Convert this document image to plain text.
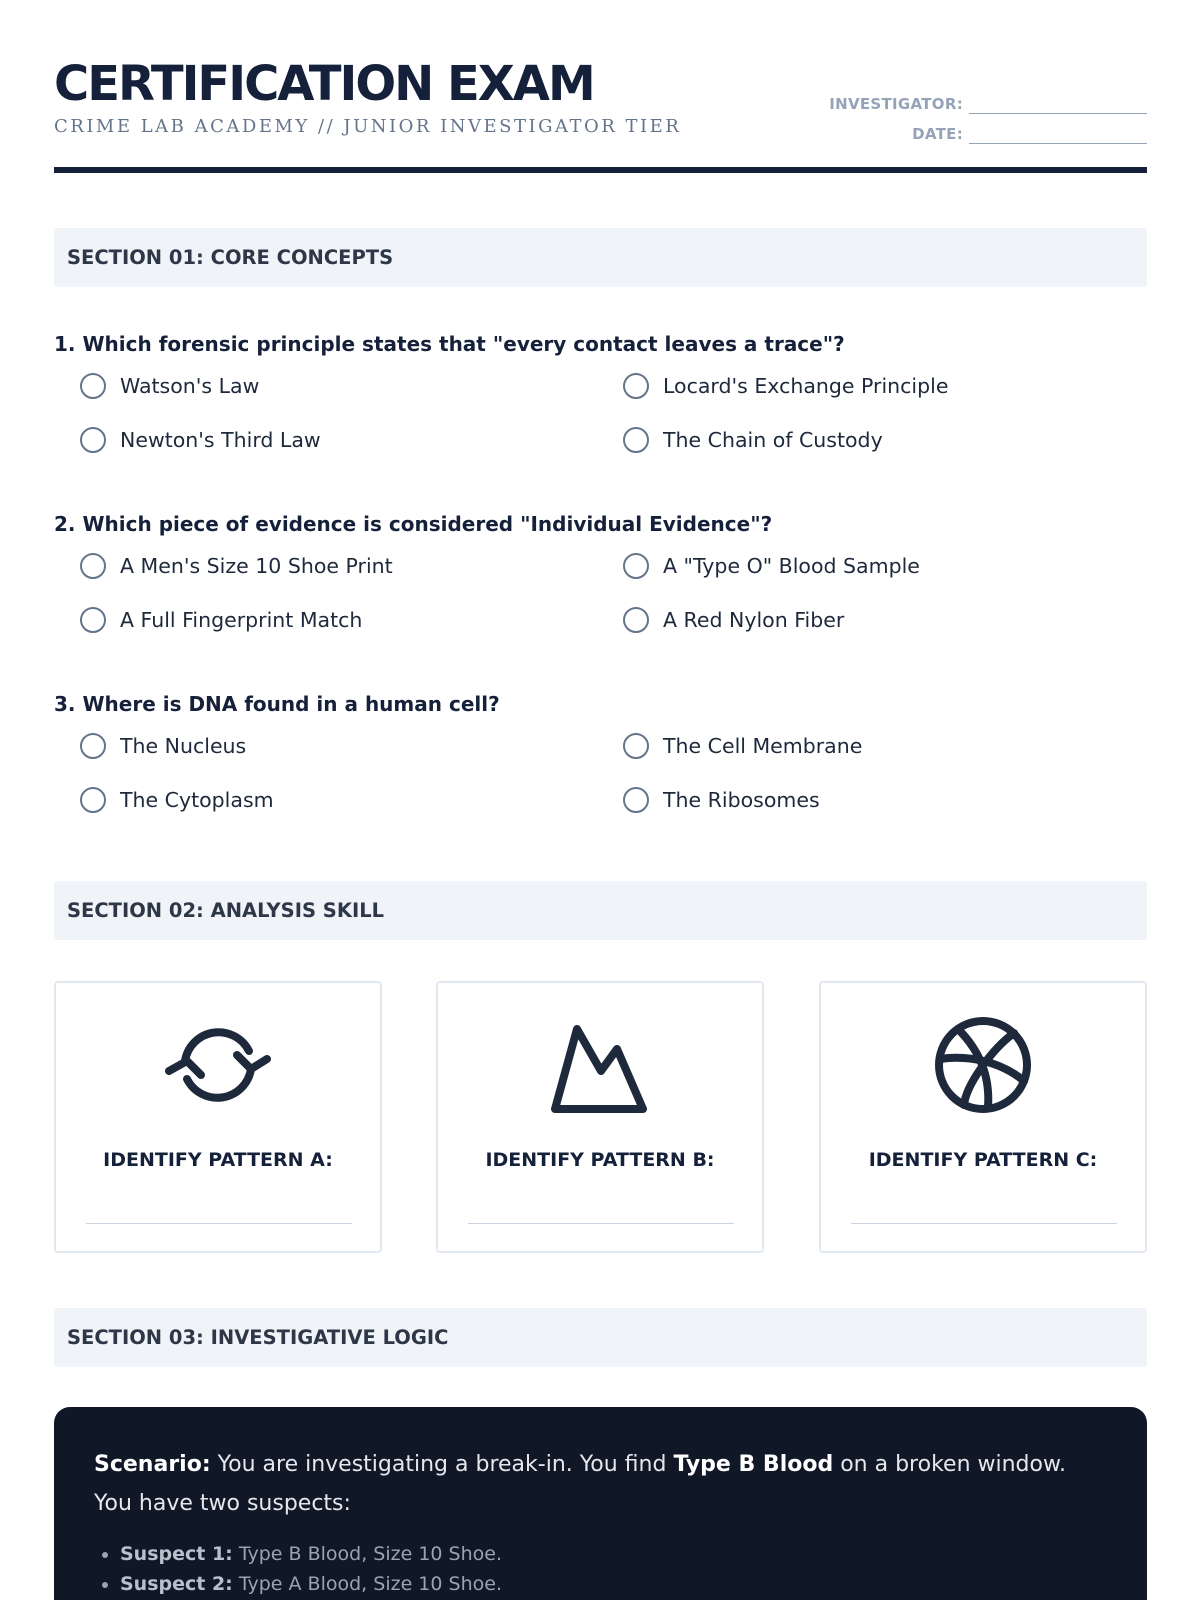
CERTIFICATION EXAM
CRIME LAB ACADEMY // JUNIOR INVESTIGATOR TIER
INVESTIGATOR:
DATE:
SECTION 01: CORE CONCEPTS
1. Which forensic principle states that "every contact leaves a trace"?
Watson's Law	Locard's Exchange Principle
Newton's Third Law	The Chain of Custody
2. Which piece of evidence is considered "Individual Evidence"?
A Men's Size 10 Shoe Print	A "Type O" Blood Sample
A Full Fingerprint Match	A Red Nylon Fiber
3. Where is DNA found in a human cell?
The Nucleus	The Cell Membrane
The Cytoplasm	The Ribosomes
SECTION 02: ANALYSIS SKILL
IDENTIFY PATTERN A:	IDENTIFY PATTERN B:	IDENTIFY PATTERN C:
SECTION 03: INVESTIGATIVE LOGIC

Scenario: You are investigating a break-in. You find Type B Blood on a broken window. You have two suspects:

• Suspect 1: Type B Blood, Size 10 Shoe.
• Suspect 2: Type A Blood, Size 10 Shoe.
